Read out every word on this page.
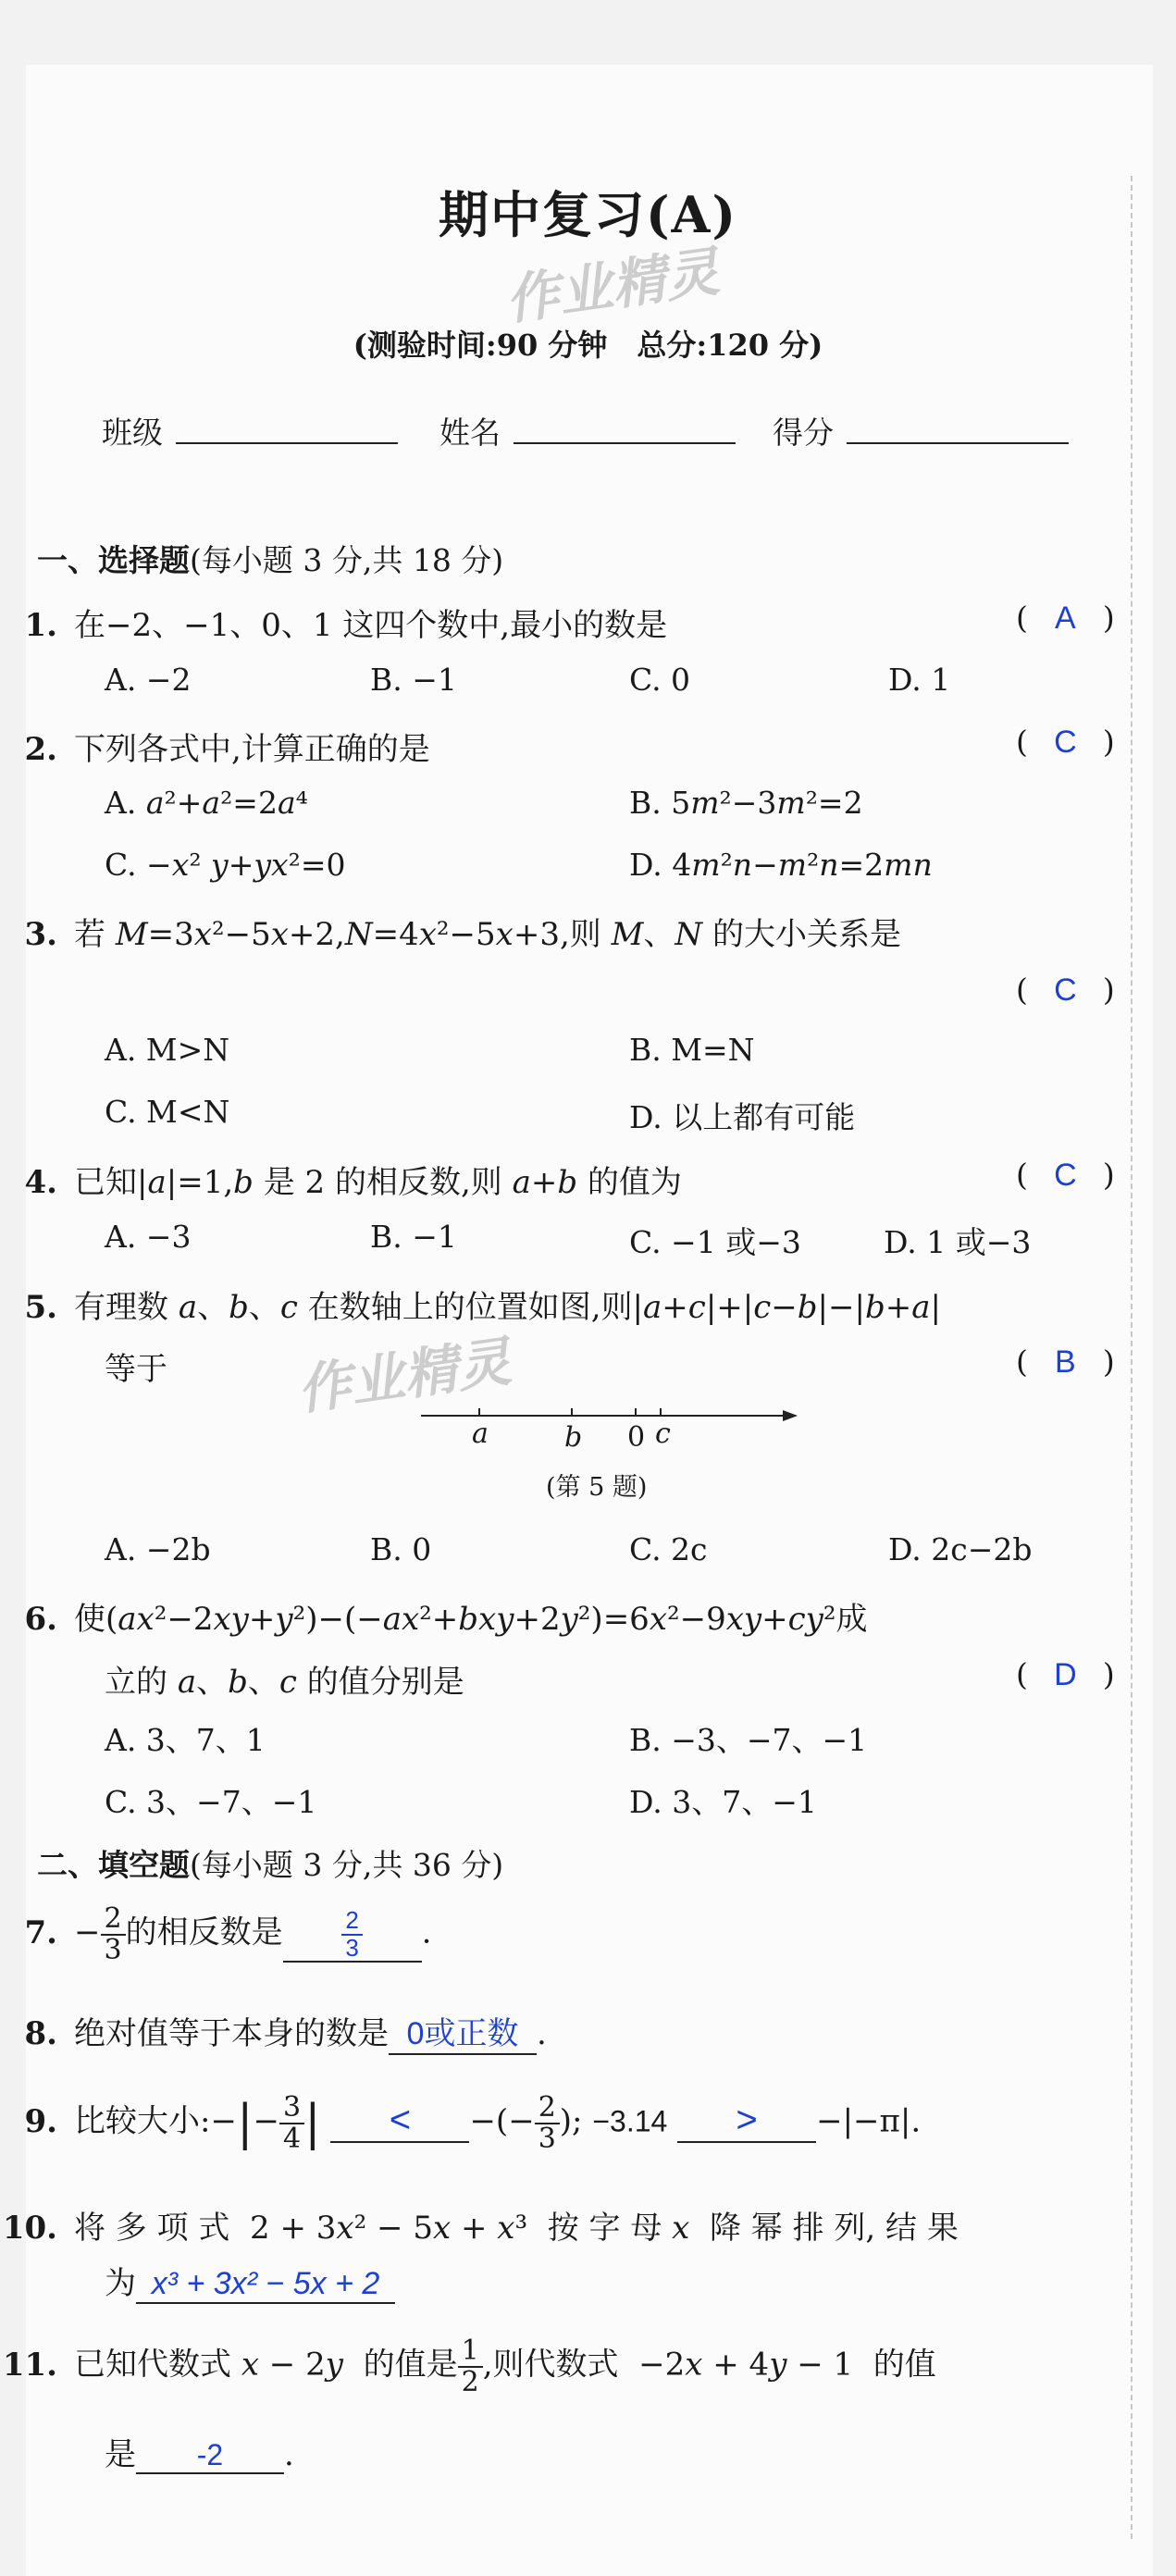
期中复习(A)
作业精灵
(测验时间:90 分钟　总分:120 分)
班级	姓名	得分
一、选择题(每小题 3 分,共 18 分)
1. 在−2、−1、0、1 这四个数中,最小的数是	( A )
A. −2	B. −1	C. 0	D. 1
2. 下列各式中,计算正确的是	( C )
A. a²+a²=2a⁴	B. 5m²−3m²=2
C. −x² y+yx²=0	D. 4m²n−m²n=2mn
3. 若 M=3x²−5x+2,N=4x²−5x+3,则 M、N 的大小关系是
( C )
A. M>N	B. M=N
C. M<N	D. 以上都有可能
4. 已知|a|=1,b 是 2 的相反数,则 a+b 的值为	( C )
A. −3	B. −1	C. −1 或−3	D. 1 或−3
5. 有理数 a、b、c 在数轴上的位置如图,则|a+c|+|c−b|−|b+a|
等于 作业精灵	( B )
a	b 0 c
(第 5 题)
A. −2b	B. 0	C. 2c	D. 2c−2b
6. 使(ax²−2xy+y²)−(−ax²+bxy+2y²)=6x²−9xy+cy²成
立的 a、b、c 的值分别是	( D )
A. 3、7、1	B. −3、−7、−1
C. 3、−7、−1	D. 3、7、−1
二、填空题(每小题 3 分,共 36 分)
7. − $\frac{2}{3}$ 的相反数是 $\frac{2}{3}$ .
8. 绝对值等于本身的数是 0或正数 .
9. 比较大小:−|− $\frac{3}{4}$ | < −(− $\frac{2}{3}$ ); −3.14 > −|−π|.
10. 将 多 项 式  2 + 3x² − 5x + x³  按 字 母 x 降 幂 排 列, 结 果
为 x³ + 3x² − 5x + 2
11. 已知代数式 x − 2y 的值是 $\frac{1}{2}$ ,则代数式  −2x + 4y − 1  的值
是 -2 .
